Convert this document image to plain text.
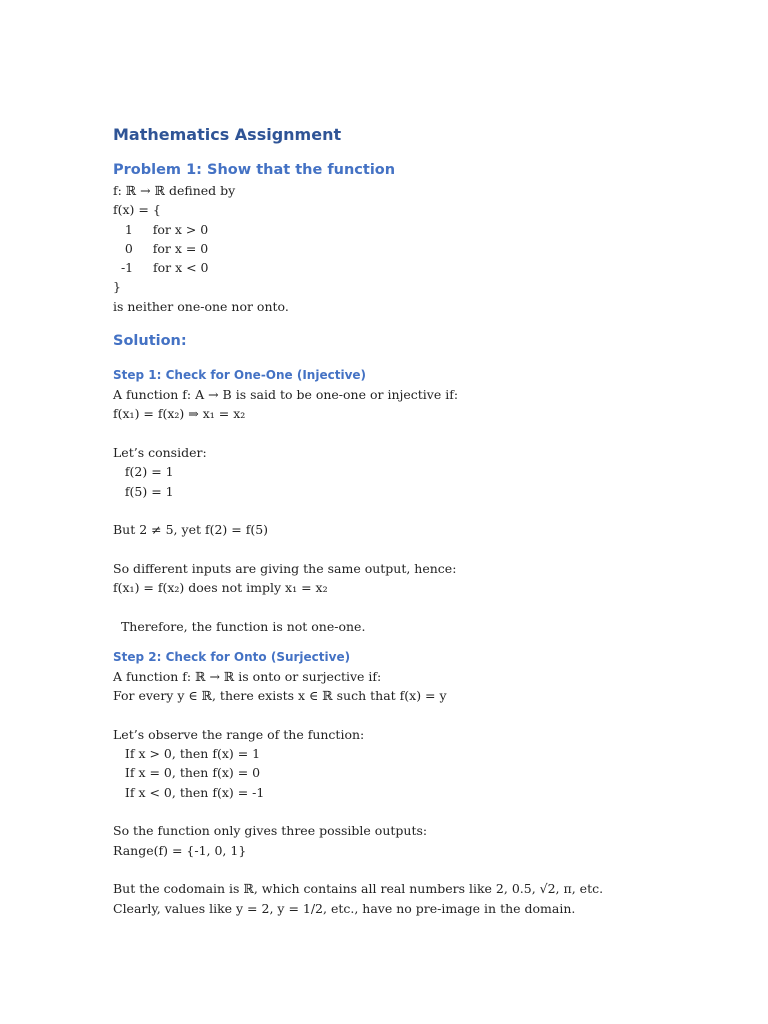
Mathematics Assignment
Problem 1: Show that the function
f: ℝ → ℝ defined by
f(x) = {
1     for x > 0
0     for x = 0
-1     for x < 0
}
is neither one-one nor onto.
Solution:
Step 1: Check for One-One (Injective)
A function f: A → B is said to be one-one or injective if:
f(x₁) = f(x₂) ⇒ x₁ = x₂
Let’s consider:
f(2) = 1
f(5) = 1
But 2 ≠ 5, yet f(2) = f(5)
So different inputs are giving the same output, hence:
f(x₁) = f(x₂) does not imply x₁ = x₂
Therefore, the function is not one-one.
Step 2: Check for Onto (Surjective)
A function f: ℝ → ℝ is onto or surjective if:
For every y ∈ ℝ, there exists x ∈ ℝ such that f(x) = y
Let’s observe the range of the function:
If x > 0, then f(x) = 1
If x = 0, then f(x) = 0
If x < 0, then f(x) = -1
So the function only gives three possible outputs:
Range(f) = {-1, 0, 1}
But the codomain is ℝ, which contains all real numbers like 2, 0.5, √2, π, etc.
Clearly, values like y = 2, y = 1/2, etc., have no pre-image in the domain.
